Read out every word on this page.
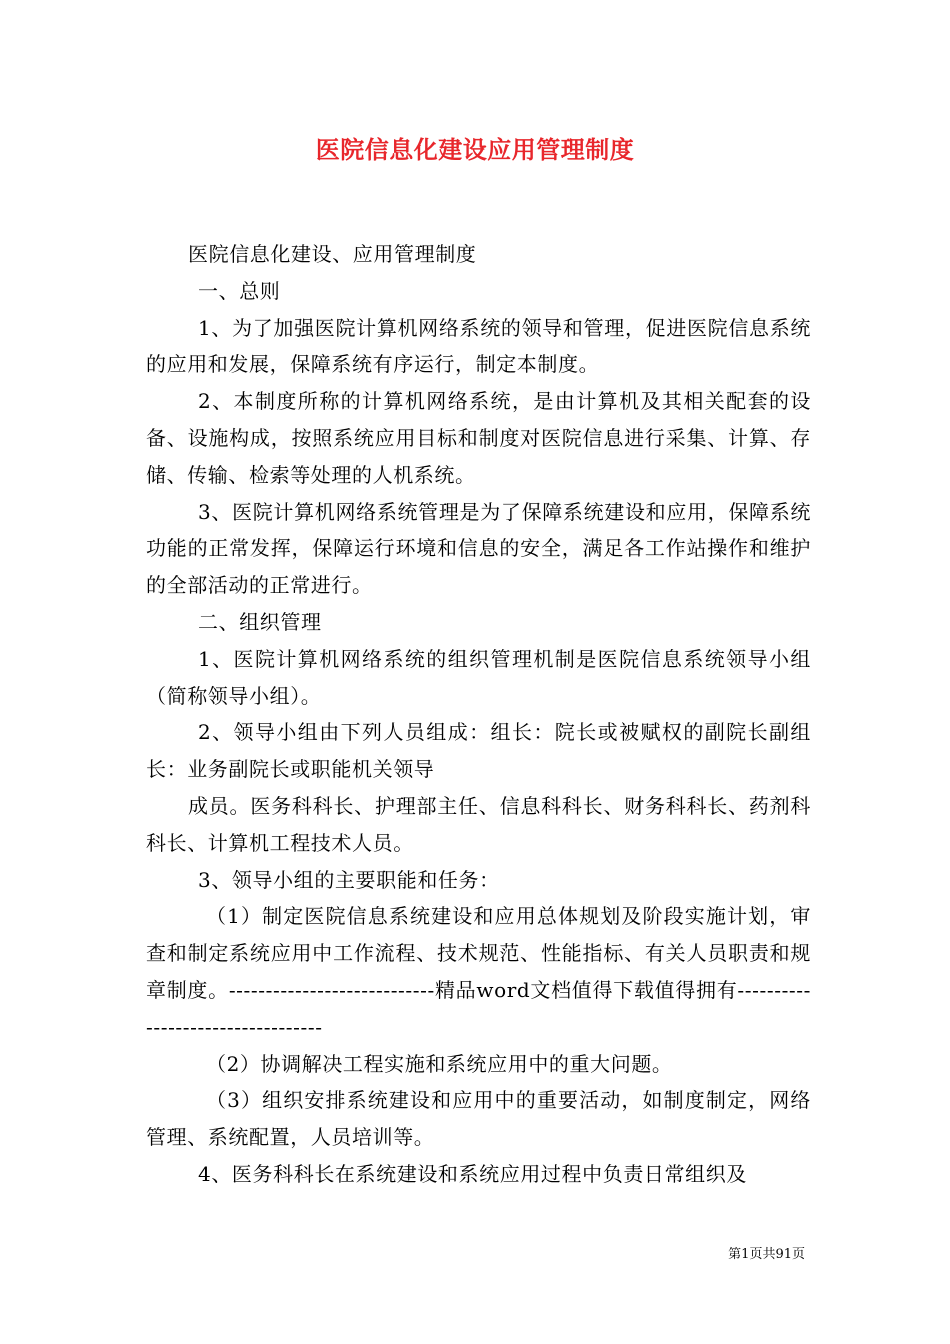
医院信息化建设应用管理制度

医院信息化建设、应用管理制度

一、总则

1、为了加强医院计算机网络系统的领导和管理，促进医院信息系统的应用和发展，保障系统有序运行，制定本制度。

2、本制度所称的计算机网络系统，是由计算机及其相关配套的设备、设施构成，按照系统应用目标和制度对医院信息进行采集、计算、存储、传输、检索等处理的人机系统。

3、医院计算机网络系统管理是为了保障系统建设和应用，保障系统功能的正常发挥，保障运行环境和信息的安全，满足各工作站操作和维护的全部活动的正常进行。

二、组织管理

1、医院计算机网络系统的组织管理机制是医院信息系统领导小组（简称领导小组）。

2、领导小组由下列人员组成：组长：院长或被赋权的副院长副组长：业务副院长或职能机关领导

成员。医务科科长、护理部主任、信息科科长、财务科科长、药剂科科长、计算机工程技术人员。

3、领导小组的主要职能和任务：

（1）制定医院信息系统建设和应用总体规划及阶段实施计划，审查和制定系统应用中工作流程、技术规范、性能指标、有关人员职责和规章制度。----------------------------精品word文档值得下载值得拥有----------------------------------

（2）协调解决工程实施和系统应用中的重大问题。

（3）组织安排系统建设和应用中的重要活动，如制度制定，网络管理、系统配置，人员培训等。

4、医务科科长在系统建设和系统应用过程中负责日常组织及

第1页共91页
